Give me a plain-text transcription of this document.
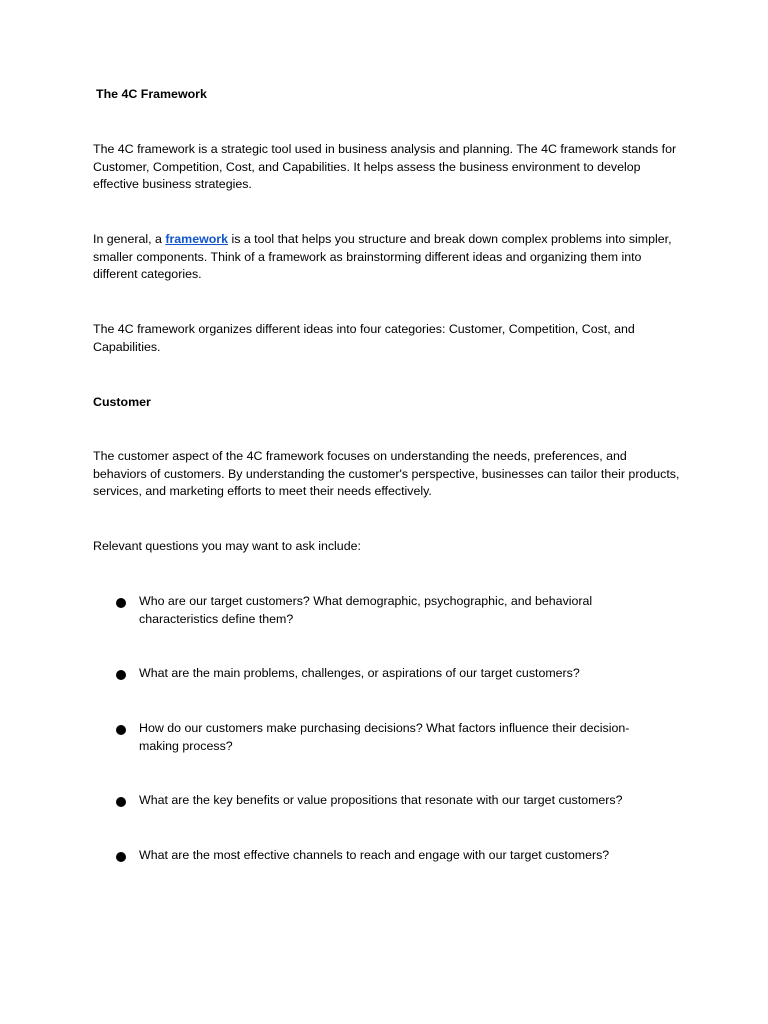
The 4C Framework

The 4C framework is a strategic tool used in business analysis and planning. The 4C framework stands for Customer, Competition, Cost, and Capabilities. It helps assess the business environment to develop effective business strategies.

In general, a framework is a tool that helps you structure and break down complex problems into simpler, smaller components. Think of a framework as brainstorming different ideas and organizing them into different categories.

The 4C framework organizes different ideas into four categories: Customer, Competition, Cost, and Capabilities.

Customer

The customer aspect of the 4C framework focuses on understanding the needs, preferences, and behaviors of customers. By understanding the customer's perspective, businesses can tailor their products, services, and marketing efforts to meet their needs effectively.

Relevant questions you may want to ask include:

Who are our target customers? What demographic, psychographic, and behavioral characteristics define them?
What are the main problems, challenges, or aspirations of our target customers?
How do our customers make purchasing decisions? What factors influence their decision-making process?
What are the key benefits or value propositions that resonate with our target customers?
What are the most effective channels to reach and engage with our target customers?
